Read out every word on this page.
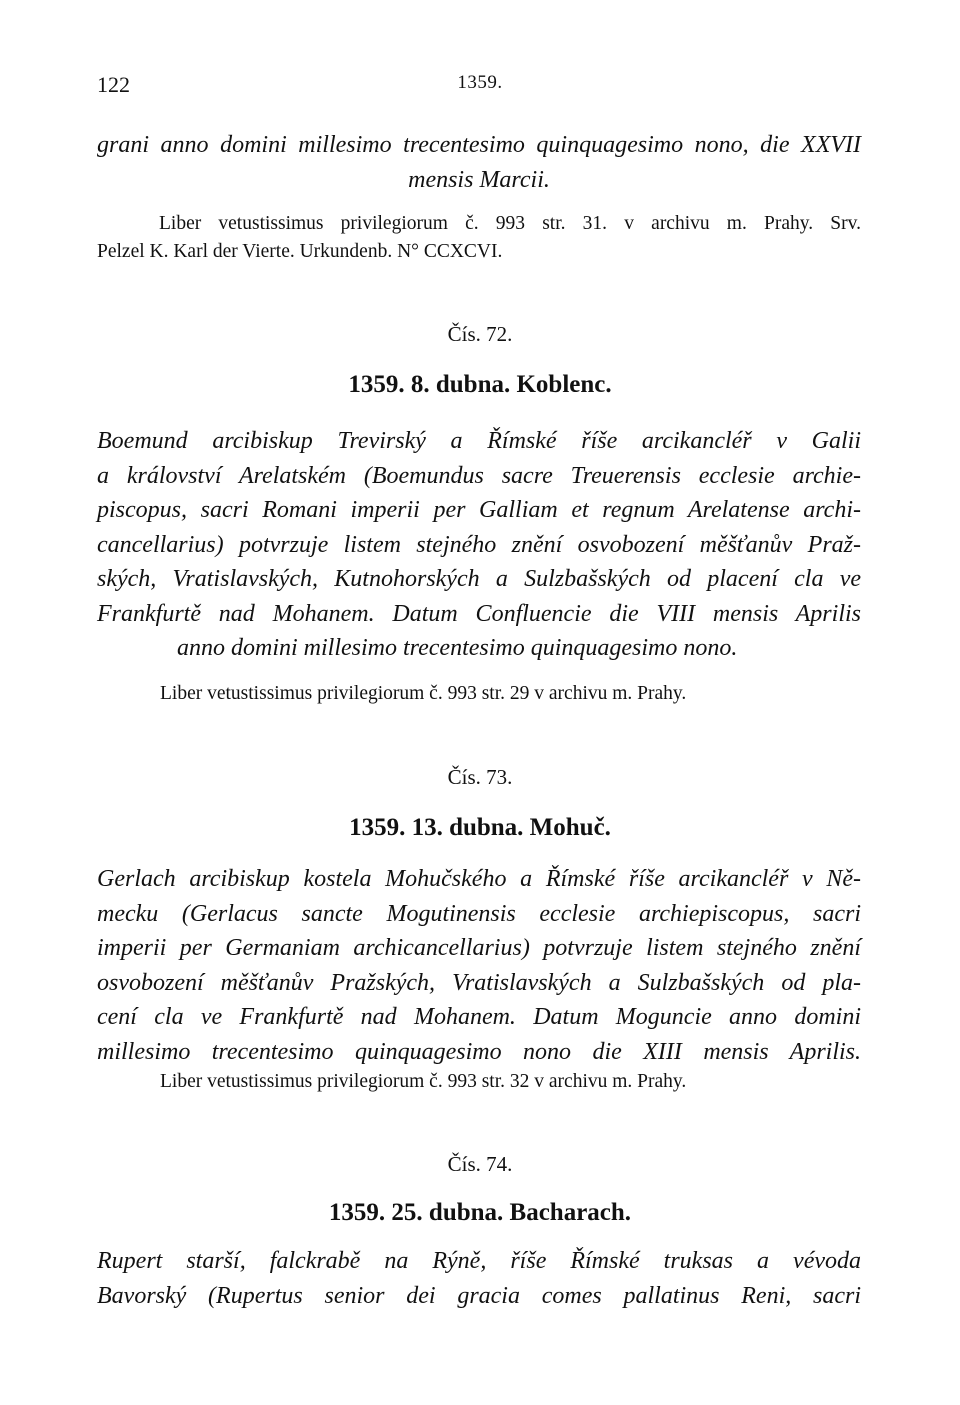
122	1359.

grani anno domini millesimo trecentesimo quinquagesimo nono, die XXVII

mensis Marcii.

Liber vetustissimus privilegiorum č. 993 str. 31. v archivu m. Prahy. Srv.

Pelzel K. Karl der Vierte. Urkundenb. N° CCXCVI.

Čís. 72.
1359. 8. dubna. Koblenc.

Boemund arcibiskup Trevirský a Římské říše arcikancléř v Galii

a království Arelatském (Boemundus sacre Treuerensis ecclesie archie-

piscopus, sacri Romani imperii per Galliam et regnum Arelatense archi-

cancellarius) potvrzuje listem stejného znění osvobození měšťanův Praž-

ských, Vratislavských, Kutnohorských a Sulzbašských od placení cla ve

Frankfurtě nad Mohanem. Datum Confluencie die VIII mensis Aprilis

anno domini millesimo trecentesimo quinquagesimo nono.

Liber vetustissimus privilegiorum č. 993 str. 29 v archivu m. Prahy.

Čís. 73.
1359. 13. dubna. Mohuč.

Gerlach arcibiskup kostela Mohučského a Římské říše arcikancléř v Ně-

mecku (Gerlacus sancte Mogutinensis ecclesie archiepiscopus, sacri

imperii per Germaniam archicancellarius) potvrzuje listem stejného znění

osvobození měšťanův Pražských, Vratislavských a Sulzbašských od pla-

cení cla ve Frankfurtě nad Mohanem. Datum Moguncie anno domini

millesimo trecentesimo quinquagesimo nono die XIII mensis Aprilis.

Liber vetustissimus privilegiorum č. 993 str. 32 v archivu m. Prahy.

Čís. 74.
1359. 25. dubna. Bacharach.

Rupert starší, falckrabě na Rýně, říše Římské truksas a vévoda

Bavorský (Rupertus senior dei gracia comes pallatinus Reni, sacri
